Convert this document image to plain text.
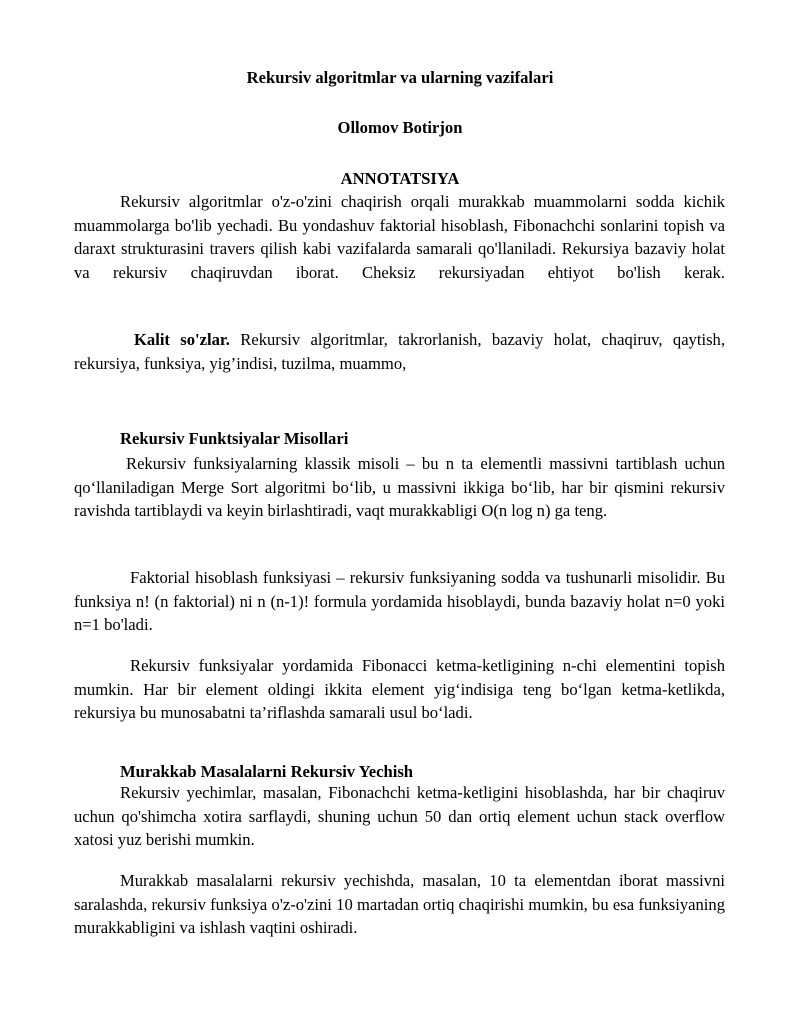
Rekursiv algoritmlar va ularning vazifalari
Ollomov Botirjon
ANNOTATSIYA

Rekursiv algoritmlar o'z-o'zini chaqirish orqali murakkab muammolarni sodda kichik muammolarga bo'lib yechadi. Bu yondashuv faktorial hisoblash, Fibonachchi sonlarini topish va daraxt strukturasini travers qilish kabi vazifalarda samarali qo'llaniladi. Rekursiya bazaviy holat va rekursiv chaqiruvdan iborat. Cheksiz rekursiyadan ehtiyot bo'lish kerak.

Kalit so'zlar. Rekursiv algoritmlar, takrorlanish, bazaviy holat, chaqiruv, qaytish, rekursiya, funksiya, yig’indisi, tuzilma, muammo,

Rekursiv Funktsiyalar Misollari

Rekursiv funksiyalarning klassik misoli – bu n ta elementli massivni tartiblash uchun qo‘llaniladigan Merge Sort algoritmi bo‘lib, u massivni ikkiga bo‘lib, har bir qismini rekursiv ravishda tartiblaydi va keyin birlashtiradi, vaqt murakkabligi O(n log n) ga teng.

Faktorial hisoblash funksiyasi – rekursiv funksiyaning sodda va tushunarli misolidir. Bu funksiya n! (n faktorial) ni n (n-1)! formula yordamida hisoblaydi, bunda bazaviy holat n=0 yoki n=1 bo'ladi.

Rekursiv funksiyalar yordamida Fibonacci ketma-ketligining n-chi elementini topish mumkin. Har bir element oldingi ikkita element yig‘indisiga teng bo‘lgan ketma-ketlikda, rekursiya bu munosabatni ta’riflashda samarali usul bo‘ladi.

Murakkab Masalalarni Rekursiv Yechish

Rekursiv yechimlar, masalan, Fibonachchi ketma-ketligini hisoblashda, har bir chaqiruv uchun qo'shimcha xotira sarflaydi, shuning uchun 50 dan ortiq element uchun stack overflow xatosi yuz berishi mumkin.

Murakkab masalalarni rekursiv yechishda, masalan, 10 ta elementdan iborat massivni saralashda, rekursiv funksiya o'z-o'zini 10 martadan ortiq chaqirishi mumkin, bu esa funksiyaning murakkabligini va ishlash vaqtini oshiradi.
